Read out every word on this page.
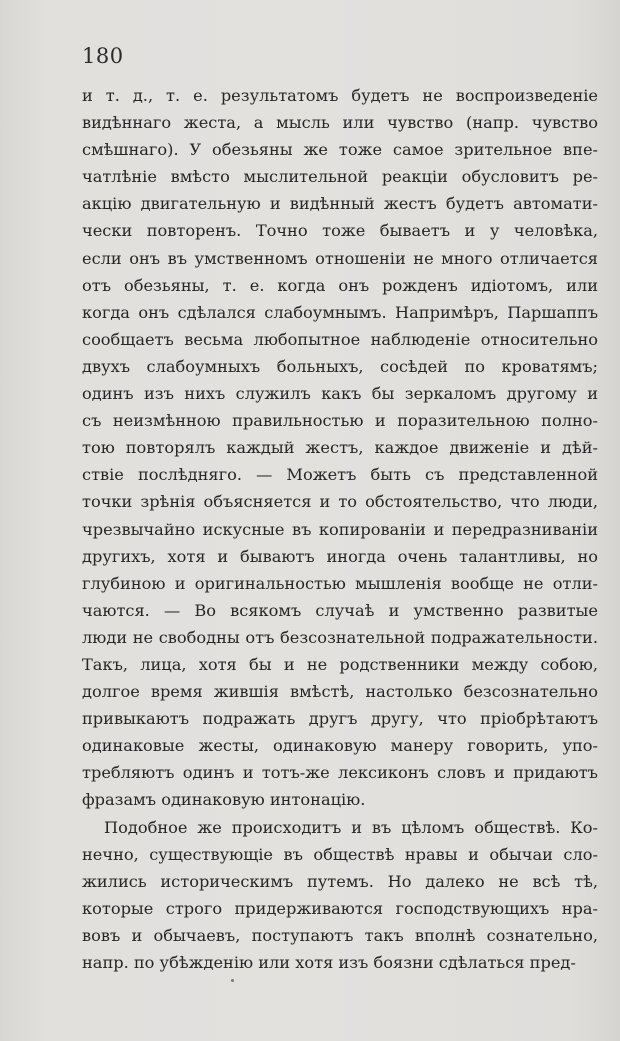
180
и т. д., т. е. результатомъ будетъ не воспроизведеніе
видѣннаго жеста, а мысль или чувство (напр. чувство
смѣшнаго). У обезьяны же тоже самое зрительное впе-
чатлѣніе вмѣсто мыслительной реакціи обусловитъ ре-
акцію двигательную и видѣнный жестъ будетъ автомати-
чески повторенъ. Точно тоже бываетъ и у человѣка,
если онъ въ умственномъ отношеніи не много отличается
отъ обезьяны, т. е. когда онъ рожденъ идіотомъ, или
когда онъ сдѣлался слабоумнымъ. Напримѣръ, Паршаппъ
сообщаетъ весьма любопытное наблюденіе относительно
двухъ слабоумныхъ больныхъ, сосѣдей по кроватямъ;
одинъ изъ нихъ служилъ какъ бы зеркаломъ другому и
съ неизмѣнною правильностью и поразительною полно-
тою повторялъ каждый жестъ, каждое движеніе и дѣй-
ствіе послѣдняго. — Можетъ быть съ представленной
точки зрѣнія объясняется и то обстоятельство, что люди,
чрезвычайно искусные въ копированіи и передразниваніи
другихъ, хотя и бываютъ иногда очень талантливы, но
глубиною и оригинальностью мышленія вообще не отли-
чаются. — Во всякомъ случаѣ и умственно развитые
люди не свободны отъ безсознательной подражательности.
Такъ, лица, хотя бы и не родственники между собою,
долгое время жившія вмѣстѣ, настолько безсознательно
привыкаютъ подражать другъ другу, что пріобрѣтаютъ
одинаковые жесты, одинаковую манеру говорить, упо-
требляютъ одинъ и тотъ-же лексиконъ словъ и придаютъ
фразамъ одинаковую интонацію.
Подобное же происходитъ и въ цѣломъ обществѣ. Ко-
нечно, существующіе въ обществѣ нравы и обычаи сло-
жились историческимъ путемъ. Но далеко не всѣ тѣ,
которые строго придерживаются господствующихъ нра-
вовъ и обычаевъ, поступаютъ такъ вполнѣ сознательно,
напр. по убѣжденію или хотя изъ боязни сдѣлаться пред-
